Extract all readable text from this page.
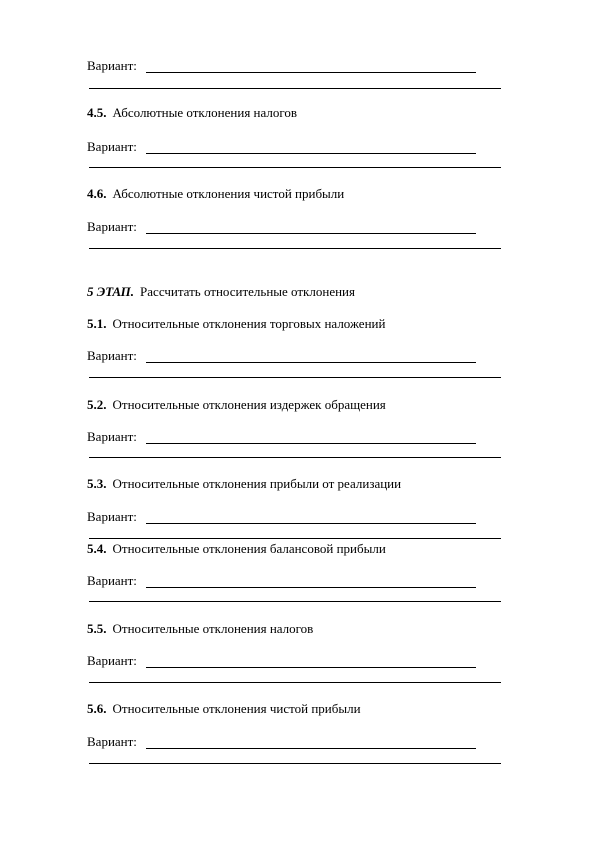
Вариант:
4.5. Абсолютные отклонения налогов
Вариант:
4.6. Абсолютные отклонения чистой прибыли
Вариант:
5 ЭТАП. Рассчитать относительные отклонения
5.1. Относительные отклонения торговых наложений
Вариант:
5.2. Относительные отклонения издержек обращения
Вариант:
5.3. Относительные отклонения прибыли от реализации
Вариант:
5.4. Относительные отклонения балансовой прибыли
Вариант:
5.5. Относительные отклонения налогов
Вариант:
5.6. Относительные отклонения чистой прибыли
Вариант:
